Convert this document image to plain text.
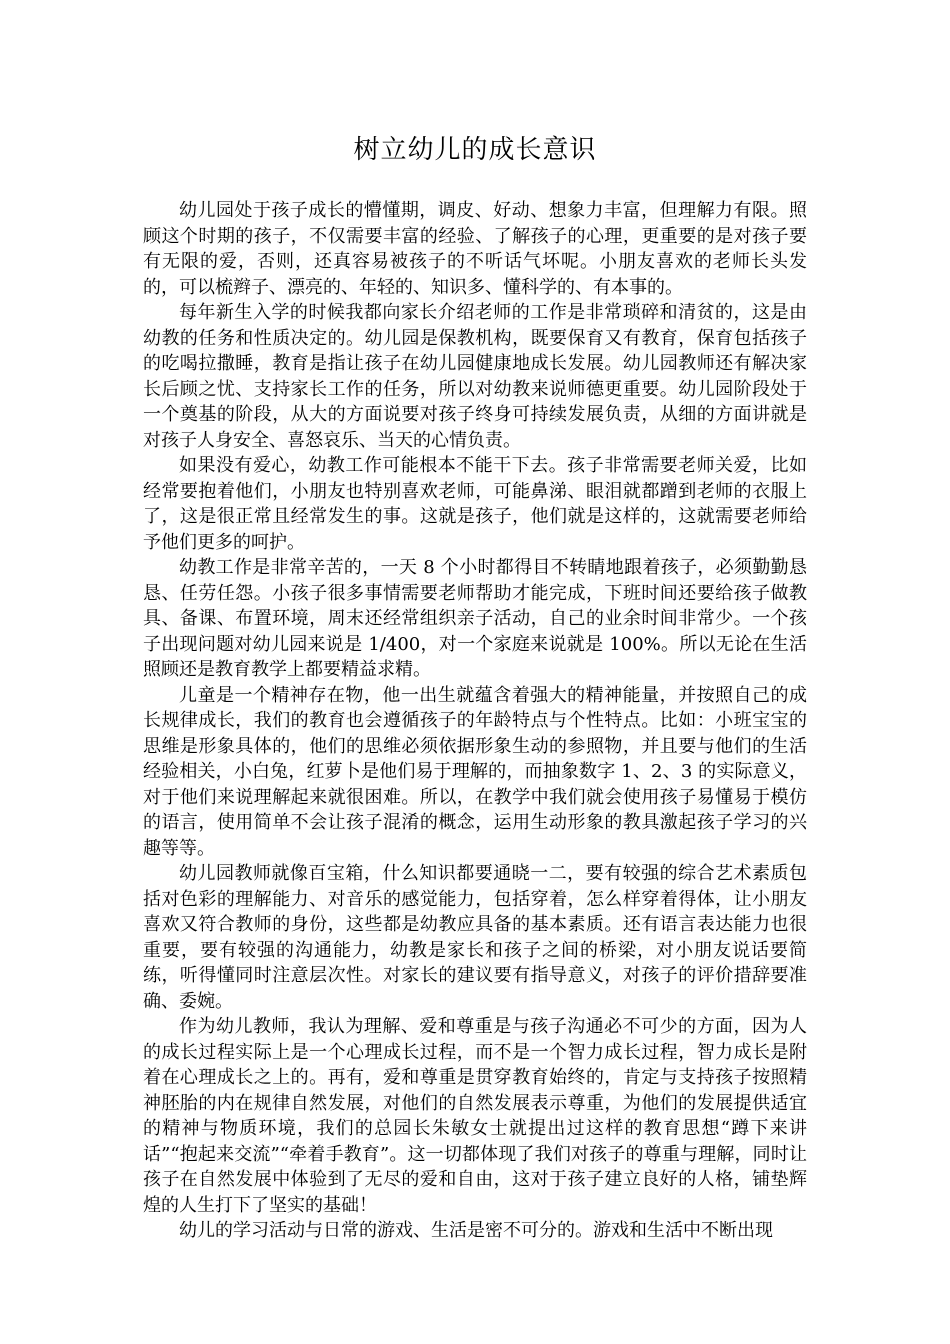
树立幼儿的成长意识

幼儿园处于孩子成长的懵懂期，调皮、好动、想象力丰富，但理解力有限。照顾这个时期的孩子，不仅需要丰富的经验、了解孩子的心理，更重要的是对孩子要有无限的爱，否则，还真容易被孩子的不听话气坏呢。小朋友喜欢的老师长头发的，可以梳辫子、漂亮的、年轻的、知识多、懂科学的、有本事的。

每年新生入学的时候我都向家长介绍老师的工作是非常琐碎和清贫的，这是由幼教的任务和性质决定的。幼儿园是保教机构，既要保育又有教育，保育包括孩子的吃喝拉撒睡，教育是指让孩子在幼儿园健康地成长发展。幼儿园教师还有解决家长后顾之忧、支持家长工作的任务，所以对幼教来说师德更重要。幼儿园阶段处于一个奠基的阶段，从大的方面说要对孩子终身可持续发展负责，从细的方面讲就是对孩子人身安全、喜怒哀乐、当天的心情负责。

如果没有爱心，幼教工作可能根本不能干下去。孩子非常需要老师关爱，比如经常要抱着他们，小朋友也特别喜欢老师，可能鼻涕、眼泪就都蹭到老师的衣服上了，这是很正常且经常发生的事。这就是孩子，他们就是这样的，这就需要老师给予他们更多的呵护。

幼教工作是非常辛苦的，一天 8 个小时都得目不转睛地跟着孩子，必须勤勤恳恳、任劳任怨。小孩子很多事情需要老师帮助才能完成，下班时间还要给孩子做教具、备课、布置环境，周末还经常组织亲子活动，自己的业余时间非常少。一个孩子出现问题对幼儿园来说是 1/400，对一个家庭来说就是 100%。所以无论在生活照顾还是教育教学上都要精益求精。

儿童是一个精神存在物，他一出生就蕴含着强大的精神能量，并按照自己的成长规律成长，我们的教育也会遵循孩子的年龄特点与个性特点。比如：小班宝宝的思维是形象具体的，他们的思维必须依据形象生动的参照物，并且要与他们的生活经验相关，小白兔，红萝卜是他们易于理解的，而抽象数字 1、2、3 的实际意义，对于他们来说理解起来就很困难。所以，在教学中我们就会使用孩子易懂易于模仿的语言，使用简单不会让孩子混淆的概念，运用生动形象的教具激起孩子学习的兴趣等等。

幼儿园教师就像百宝箱，什么知识都要通晓一二，要有较强的综合艺术素质包括对色彩的理解能力、对音乐的感觉能力，包括穿着，怎么样穿着得体，让小朋友喜欢又符合教师的身份，这些都是幼教应具备的基本素质。还有语言表达能力也很重要，要有较强的沟通能力，幼教是家长和孩子之间的桥梁，对小朋友说话要简练，听得懂同时注意层次性。对家长的建议要有指导意义，对孩子的评价措辞要准确、委婉。

作为幼儿教师，我认为理解、爱和尊重是与孩子沟通必不可少的方面，因为人的成长过程实际上是一个心理成长过程，而不是一个智力成长过程，智力成长是附着在心理成长之上的。再有，爱和尊重是贯穿教育始终的，肯定与支持孩子按照精神胚胎的内在规律自然发展，对他们的自然发展表示尊重，为他们的发展提供适宜的精神与物质环境，我们的总园长朱敏女士就提出过这样的教育思想“蹲下来讲话”“抱起来交流”“牵着手教育”。这一切都体现了我们对孩子的尊重与理解，同时让孩子在自然发展中体验到了无尽的爱和自由，这对于孩子建立良好的人格，铺垫辉煌的人生打下了坚实的基础！

幼儿的学习活动与日常的游戏、生活是密不可分的。游戏和生活中不断出现
